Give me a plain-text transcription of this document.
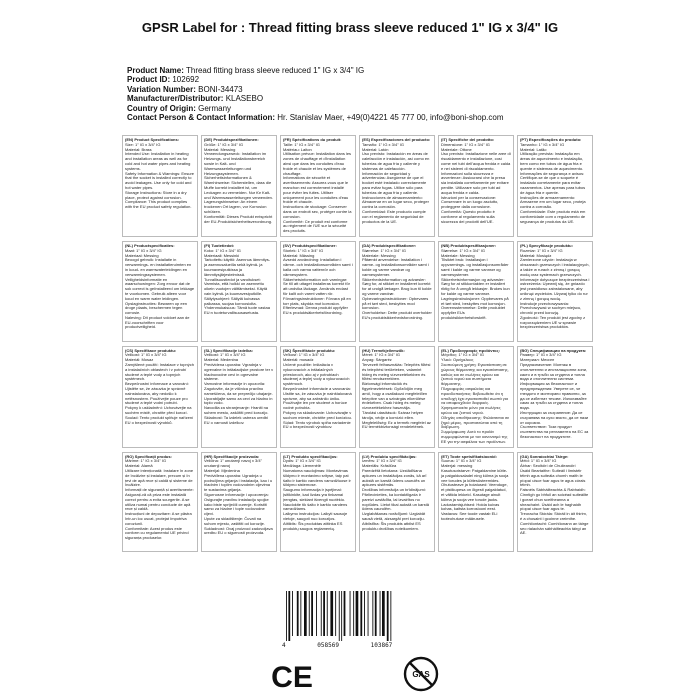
GPSR Label for : Thread fitting brass sleeve reduced 1" IG x 3/4" IG
Product Name: Thread fitting brass sleeve reduced 1" IG x 3/4" IG
Product ID: 102692
Variation Number: BONI-34473
Manufacturer/Distributor: KLASEBO
Country of Origin: Germany
Contact Person & Contact Information: Hr. Stanislav Maer, +49(0)4221 45 777 00, info@boni-shop.com
(EN) Product Specifications:
Size: 1" IG x 3/4" IG
Material: Brass
Intended Use: Installation in heating and installation areas as well as for cold and hot water pipes and heating systems.
Safety Information & Warnings: Ensure that the socket is installed correctly to avoid leakages. Use only for cold and hot water pipes.
Storage Instructions: Store in a dry place, protect against corrosion.
Compliance: This product complies with the EU product safety regulation.
(DE) Produktspezifikationen:
Größe: 1" IG x 3/4" IG
Material: Messing
Verwendungszweck: Installation im Heizungs- und Installationsbereich sowie in Kalt- und Warmwasserleitungen und Heizungssystemen.
Sicherheitsinformationen & Warnhinweise: Sicherstellen, dass die Muffe korrekt installiert ist, um Leckagen zu vermeiden. Nur für Kalt- und Warmwasserleitungen verwenden.
Lagerungshinweise: An einem trockenen Ort lagern, vor Korrosion schützen.
Konformität: Dieses Produkt entspricht der EU-Produktsicherheitsverordnung.
(FR) Spécifications du produit:
Taille: 1" IG x 3/4" IG
Matériau: Laiton
Utilisation prévue: Installation dans les zones de chauffage et d'installation ainsi que dans les conduites d'eau froide et chaude et les systèmes de chauffage.
Informations de sécurité et avertissements: Assurez-vous que le manchon est correctement installé pour éviter les fuites. Utiliser uniquement pour les conduites d'eau froide et chaude.
Instructions de stockage: Conserver dans un endroit sec, protéger contre la corrosion.
Conformité: Ce produit est conforme au règlement de l'UE sur la sécurité des produits.
(ES) Especificaciones del producto:
Tamaño: 1" IG x 3/4" IG
Material: Latón
Uso previsto: Instalación en áreas de calefacción e instalación, así como en tuberías de agua fría y caliente y sistemas de calefacción.
Información de seguridad y advertencias: Asegúrese de que el bocket esté instalado correctamente para evitar fugas. Utilice sólo para tuberías de agua fría y caliente.
Instrucciones de almacenamiento: Almacenar en un lugar seco, proteger contra la corrosión.
Conformidad: Este producto cumple con el reglamento de seguridad de productos de la UE.
(IT) Specifiche del prodotto:
Dimensione: 1" IG x 3/4" IG
Materiale: Ottone
Uso previsto: Installazione nelle aree di riscaldamento e installazione, così come nei tubi dell'acqua fredda e calda e nei sistemi di riscaldamento.
Informazioni sulla sicurezza e avvertenze: Assicurarsi che la presa sia installata correttamente per evitare perdite. Utilizzare solo per tubi ad acqua fredda e calda.
Istruzioni per la conservazione: Conservare in un luogo asciutto, proteggere dalla corrosione.
Conformità: Questo prodotto è conforme al regolamento sulla sicurezza dei prodotti dell'UE.
(PT) Especificações do produto:
Tamanho: 1" IG x 3/4" IG
Material: Latão
Utilização prevista: Instalação em áreas de aquecimento e instalação, bem como em tubos de água fria e quente e sistemas de aquecimento.
Informações de segurança e avisos: Certifique-se de que o soquete é instalado corretamente para evitar vazamentos. Use apenas para tubos de água fria e quente.
Instruções de armazenamento: Armazene em um lugar seco, proteja contra a corrosão.
Conformidade: Este produto está em conformidade com o regulamento de segurança de produtos da UE.
(NL) Productspecificaties:
Maat: 1" IG x 3/4" IG
Materiaal: Messing
Beoogd gebruik: Installatie in verwarmings- en installatieruimten en in koud- en warmwaterleidingen en verwarmingssystemen.
Veiligheidsinformatie en waarschuwingen: Zorg ervoor dat de sok correct is geïnstalleerd om lekkage te voorkomen. Gebruik alleen voor koud en warm water leidingen.
Opslaginstructies: Bewaren op een droge plaats, beschermen tegen corrosie.
Naleving: Dit product voldoet aan de EU-voorschriften voor productveiligheid.
(FI) Tuotetiedot:
Koko: 1" IG x 3/4" IG
Materiaali: Messinki
Tarkoitettu käyttö: Asennus lämmitys- ja asennusalueilla sekä kylmä- ja kuumavesiputkissa ja lämmitysjärjestelmissä.
Turvallisuustiedot ja varoitukset: Varmista, että holkki on asennettu oikein vuotojen välttämiseksi. Käytä vain kylmä- ja kuumavesiputkille.
Säilytysohjeet: Säilytä kuivassa paikassa, suojaa korroosiolta.
Yhdenmukaisuus: Tämä tuote vastaa EU:n tuoteturvallisuusasetusta.
(SV) Produktspecifikationer:
Storlek: 1" IG x 3/4" IG
Material: Mässing
Avsedd användning: Installation i värme- och installationsområden samt i kalla och varma vattenrör och värmesystem.
Säkerhetsinformation och varningar: Se till att uttaget installeras korrekt för att undvika läckage. Används endast för kallt och varmt vatten rör.
Förvaringsinstruktioner: Förvara på en torr plats, skydda mot korrosion.
Efterlevnad: Denna produkt uppfyller EU:s produktsäkerhetsförordning.
(DA) Produktspecifikationer:
Størrelse: 1" IG x 3/4" IG
Materiale: Messing
Påtænkt anvendelse: Installation i varme- og installationsområder samt i kolde og varme vandrør og varmesystemer.
Sikkerhedsinformation og advarsler: Sørg for, at stikket er installeret korrekt for at undgå lækager. Brug kun til kolde og varme vandrør.
Opbevaringsinstruktioner: Opbevares på et tørt sted, beskyttes mod korrosion.
Overholdelse: Dette produkt overholder EU's produktsikkerhedsforordning.
(NB) Produktspesifikasjoner:
Størrelse: 1" IG x 3/4" IG
Materiale: Messing
Tilsiktet bruk: Installasjon i oppvarmings- og installasjonsområder samt i kalde og varme vannrør og varmesystemer.
Sikkerhetsinformasjon og advarsler: Sørg for at stikkontakten er installert riktig for å unngå lekkasjer. Brukes kun for kalde og varme vannrør.
Lagringsinstruksjoner: Oppbevares på et tørt sted, beskyttes mot korrosjon.
Overensstemmelse: Dette produktet oppfyller EUs produktsikkerhetsforskrift.
(PL) Specyfikacje produktu:
Rozmiar: 1" IG x 3/4" IG
Materiał: Mosiądz
Zamierzone użycie: Instalacja w obszarach grzewczych i instalacyjnych, a także w rurach z zimną i gorącą wodą oraz systemach grzewczych.
Informacje dotyczące bezpieczeństwa i ostrzeżenia: Upewnij się, że gniazdo jest prawidłowo zainstalowane, aby uniknąć wycieków. Używaj tylko do rur z zimną i gorącą wodą.
Instrukcje przechowywania: Przechowywać w suchym miejscu, chronić przed korozją.
Zgodność: Ten produkt jest zgodny z rozporządzeniem UE w sprawie bezpieczeństwa produktów.
(CS) Specifikace produktu:
Velikost: 1" IG x 3/4" IG
Materiál: Mosaz
Zamýšlené použití: Instalace v topných a instalačních oblastech i v potrubí studené a teplé vody a topných systémech.
Bezpečnostní informace a varování: Ujistěte se, že zásuvka je správně nainstalována, aby nedošlo k netěsnostem. Používejte pouze pro studené a teplé vodní potrubí.
Pokyny k uskladnění: Uchovávejte na suchém místě, chraňte před korozí.
Soulad: Tento produkt splňuje nařízení EU o bezpečnosti výrobků.
(SL) Specifikacije izdelka:
Velikost: 1" IG x 3/4" IG
Material: Medenina
Predvidena uporaba: Vgradnja v ogrevalne in inštalacijske prostore ter v hladnovodne cevi in ogrevalne sisteme.
Varnostne informacije in opozorila: Zagotovite, da je vtičnica pravilno nameščena, da se preprečijo uhajanje. Uporabljajte samo za cevi za hladno in toplo vodo.
Navodila za shranjevanje: Hraniti na suhem mestu, zaščititi pred korozijo.
Skladnost: Ta izdelek ustreza uredbi EU o varnosti izdelkov.
(SK) Špecifikácie produktu:
Veľkosť: 1" IG x 3/4" IG
Materiál: mosadz
Určené použitie: Inštalácia v vykurovacích a inštalačných priestoroch, ako aj v potrubiach studenej a teplej vody a vykurovacích systémoch.
Bezpečnostné informácie a varovania: Uistite sa, že zásuvka je nainštalovaná správne, aby sa zabránilo úniku. Používajte len pre studené a horúce vodné potrubia.
Pokyny na skladovanie: Uchovávajte v suchom mieste, chráňte pred koróziou.
Súlad: Tento výrobok spĺňa nariadenie EÚ o bezpečnosti výrobkov.
(HU) Termékjellemzők:
Méret: 1" IG x 3/4" IG
Anyag: Sárgaréz
Tervezett felhasználás: Telepítés fűtési és telepítési területeken, valamint hideg és meleg vízvezetékekben és fűtési rendszerekben.
Biztonsági információk és figyelmeztetések: Győződjön meg arról, hogy a csatlakozó megfelelően telepítve van a szivárgás elkerülése érdekében. Csak hideg és meleg vízvezetékekhez használja.
Tárolási utasítások: Száraz helyen tárolja, védje a korrózió ellen.
Megfelelőség: Ez a termék megfelel az EU termékbiztonsági rendeletének.
(EL) Προδιαγραφές προϊόντος:
Μέγεθος: 1" IG x 3/4" IG
Υλικό: Ορείχαλκος
Σκοπούμενη χρήση: Εγκατάσταση σε χώρους θέρμανσης και εγκατάστασης, καθώς και σε σωλήνες κρύου και ζεστού νερού και συστήματα θέρμανσης.
Πληροφορίες ασφαλείας και προειδοποιήσεις: Βεβαιωθείτε ότι η υποδοχή έχει εγκατασταθεί σωστά για να αποφευχθούν διαρροές. Χρησιμοποιείτε μόνο για σωλήνες κρύου και ζεστού νερού.
Οδηγίες αποθήκευσης: Φυλάσσεται σε ξηρό μέρος, προστατεύεται από τη διάβρωση.
Συμμόρφωση: Αυτό το προϊόν συμμορφώνεται με τον κανονισμό της ΕΕ για την ασφάλεια των προϊόντων.
(BG) Спецификации на продукта:
Размер: 1" IG x 3/4" IG
Материал: Месинг
Предназначение: Монтаж в отоплителни и инсталационни зони, както и в тръби за студена и топла вода и отоплителни системи.
Информация за безопасност и предупреждения: Уверете се, че гнездото е монтирано правилно, за да се избегнат течове. Използвайте само за тръби за студена и топла вода.
Инструкции за съхранение: Да се съхранява на сухо място, да се пази от корозия.
Съответствие: Този продукт съответства на регламента на ЕС за безопасност на продуктите.
(RO) Specificații produs:
Mărime: 1" IG x 3/4" IG
Material: Alamă
Utilizare intenționată: Instalare în zone de încălzire și instalare, precum și în țevi de apă rece și caldă și sisteme de încălzire.
Informații de siguranță și avertismente: Asigurați-vă că priza este instalată corect pentru a evita scurgerile. A se utiliza numai pentru conducte de apă rece și caldă.
Instrucțiuni de depozitare: A se păstra într-un loc uscat, protejat împotriva coroziunii.
Conformitate: Acest produs este conform cu regulamentul UE privind siguranța produselor.
(HR) Specifikacije proizvoda:
Veličina: 1" unutarnji navoj x 3/4" unutarnji navoj
Materijal: Mjedenina
Predviđena uporaba: Ugradnja u područjima grijanja i instalacija, kao i u hladnim i toplim vodovodnim cijevima te sustavima grijanja.
Sigurnosne informacije i upozorenja: Osigurajte pravilnu instalaciju spojke kako biste spriječili curenje. Koristiti samo za hladne i tople vodovodne cijevi.
Upute za skladištenje: Čuvati na suhom mjestu, zaštititi od korozije.
Sukladnost: Ovaj proizvod zadovoljava uredbu EU o sigurnosti proizvoda.
(LT) Produkto specifikacijos:
Dydis: 1" IG x 3/4" IG
Medžiaga: Liemenėlė
Numatoma naudojimas: Montavimas šildymo ir montavimo srityse, taip pat šalto ir karšto vandens vamzdžiuose ir šildymo sistemose.
Saugumo informacija ir įspėjimai: Įsitikinkite, kad lizdas yra tinkamai įrengtas, siekiant išvengti nuotėkio. Naudokite tik šalto ir karšto vandens vamzdžiams.
Laikymo instrukcijos: Laikyti sausoje vietoje, saugoti nuo korozijos.
Atitiktis: Šis produktas atitinka ES produktų saugos reglamentą.
(LV) Produktu specifikācijas:
Izmērs: 1" IG x 3/4" IG
Materiāls: Krāsllūra
Paredzētā lietošana: Uzstādīšana apkures un instalācijas zonās, kā arī aukstā un karstā ūdens caurulēs un apkures sistēmās.
Drošības informācija un brīdinājumi: Pārliecinieties, ka kontaktligzda ir pareizi uzstādīta, lai izvairītos no noplūdes. Lietot tikai aukstā un karstā ūdens caurulēm.
Uzglabāšanas norādījumi: Uzglabāt sausā vietā, aizsargāt pret koroziju.
Atbilstība: Šis produkts atbilst ES produktu drošības noteikumiem.
(ET) Toote spetsifikatsioonid:
Suurus: 1" IG x 3/4" IG
Materjal: messing
Kasutusotstarve: Paigaldamine kütte- ja paigaldusaladel ning külma ja sooja vee torudes ja küttesüsteemides.
Ohutusteave ja hoiatused: Veenduge, et pistikupesa on õigesti paigaldatud, et vältida lekkeid. Kasutage ainult külma ja sooja vee torude jaoks.
Ladustamisjuhised: Hoida kuivas kohas, kaitsta korrosiooni eest.
Vastavus: See toode vastab ELi tooteohutuse määrusele.
(GA) Sonraíochtaí Táirge:
Méid: 1" IG x 3/4" IG
Ábhar: Seoltóirí de Chuileanóirí
Úsáid Beartaithe: Suiteáil i limistéir téimh agus suiteála chomh maith le píopaí uisce fuar agus te agus córais téimh.
Faisnéis Sábháilteachta & Rabhaidh: Cinntigh go bhfuil an soicéad suiteáilte i gceart chun sceitheanna a sheachaint. Úsáid ach le haghaidh píopaí uisce fuar agus te.
Treoracha Stórála: Stóráil in áit thirim, é a chosaint i gcoinne creimthe.
Comhlíontacht: Comhlíonann an táirge seo rialachán sábháilteachta táirgí an AE.
4	058569	103867
CE	GAS
